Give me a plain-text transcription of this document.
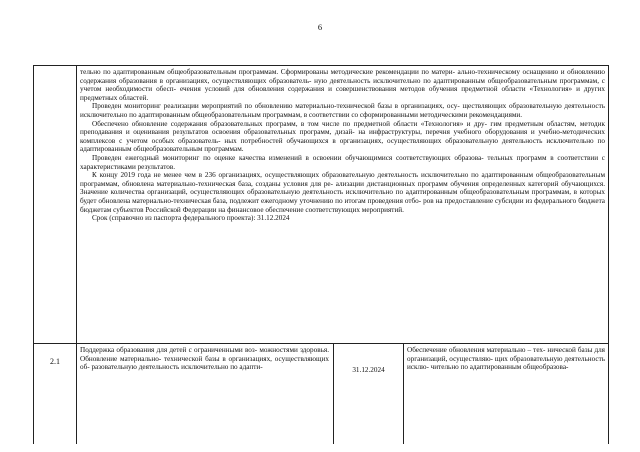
6

тельно по адаптированным общеобразовательным программам. Сформированы методические рекомендации по матери- ально-техническому оснащению и обновлению содержания образования в организациях, осуществляющих образователь- ную деятельность исключительно по адаптированным общеобразовательным программам, с учетом необходимости обесп- ечения условий для обновления содержания и совершенствования методов обучения предметной области «Технология» и других предметных областей.

Проведен мониторинг реализации мероприятий по обновлению материально-технической базы в организациях, осу- ществляющих образовательную деятельность исключительно по адаптированным общеобразовательным программам, в соответствии со сформированными методическими рекомендациями.

Обеспечено обновление содержания образовательных программ, в том числе по предметной области «Технология» и дру- гим предметным областям, методик преподавания и оценивания результатов освоения образовательных программ, дизай- на инфраструктуры, перечня учебного оборудования и учебно-методических комплексов с учетом особых образователь- ных потребностей обучающихся в организациях, осуществляющих образовательную деятельность исключительно по адаптированным общеобразовательным программам.

Проведен ежегодный мониторинг по оценке качества изменений в освоении обучающимися соответствующих образова- тельных программ в соответствии с характеристиками результатов.

К концу 2019 года не менее чем в 236 организациях, осуществляющих образовательную деятельность исключительно по адаптированным общеобразовательным программам, обновлена материально-техническая база, созданы условия для ре- ализации дистанционных программ обучения определенных категорий обучающихся. Значение количества организаций, осуществляющих образовательную деятельность исключительно по адаптированным общеобразовательным программам, в которых будет обновлена материально-техническая база, подлежит ежегодному уточнению по итогам проведения отбо- ров на предоставление субсидии из федерального бюджета бюджетам субъектов Российской Федерации на финансовое обеспечение соответствующих мероприятий.

Срок (справочно из паспорта федерального проекта): 31.12.2024

2.1
Поддержка образования для детей с ограниченными воз- можностями здоровья. Обновление материально- технической базы в организациях, осуществляющих об- разовательную деятельность исключительно по адапти-	31.12.2024
Обеспечение обновления материально – тех- нической базы для организаций, осуществляю- щих образовательную деятельность исклю- чительно по адаптированным общеобразова-
